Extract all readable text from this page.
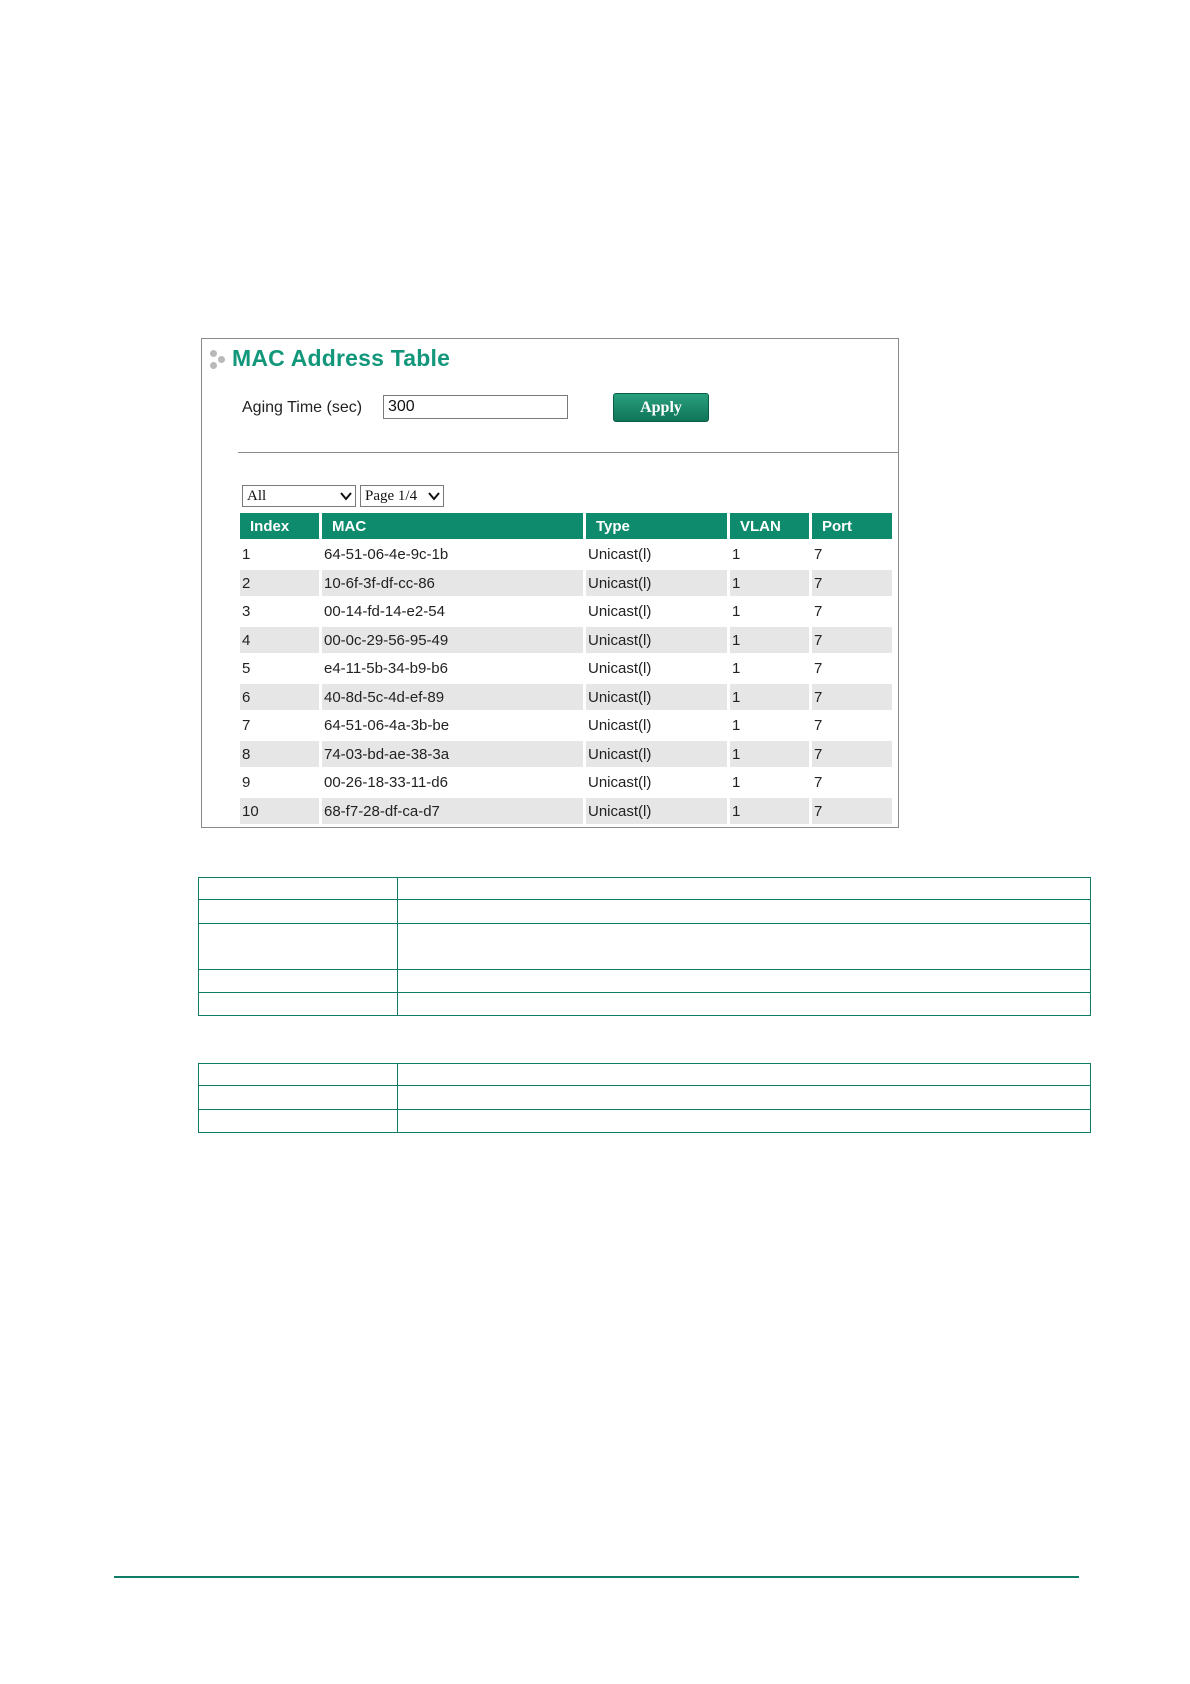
MAC Address Table
Aging Time (sec)
300	Apply
All	Page 1/4
Index	MAC	Type	VLAN	Port
1	64-51-06-4e-9c-1b	Unicast(l)	1	7
2	10-6f-3f-df-cc-86	Unicast(l)	1	7
3	00-14-fd-14-e2-54	Unicast(l)	1	7
4	00-0c-29-56-95-49	Unicast(l)	1	7
5	e4-11-5b-34-b9-b6	Unicast(l)	1	7
6	40-8d-5c-4d-ef-89	Unicast(l)	1	7
7	64-51-06-4a-3b-be	Unicast(l)	1	7
8	74-03-bd-ae-38-3a	Unicast(l)	1	7
9	00-26-18-33-11-d6	Unicast(l)	1	7
10	68-f7-28-df-ca-d7	Unicast(l)	1	7
